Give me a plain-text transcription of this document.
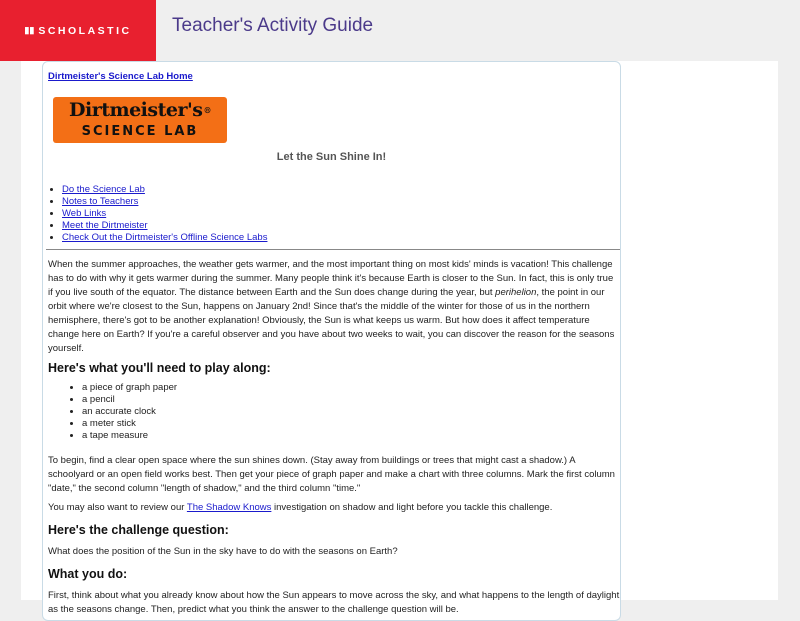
▮▮ SCHOLASTIC Teacher's Activity Guide
Dirtmeister's Science Lab Home
Dirtmeister's®
SCIENCE LAB
Let the Sun Shine In!
• Do the Science Lab
• Notes to Teachers
• Web Links
• Meet the Dirtmeister
• Check Out the Dirtmeister's Offline Science Labs

When the summer approaches, the weather gets warmer, and the most important thing on most kids' minds is vacation! This challenge has to do with why it gets warmer during the summer. Many people think it's because Earth is closer to the Sun. In fact, this is only true if you live south of the equator. The distance between Earth and the Sun does change during the year, but perihelion, the point in our orbit where we're closest to the Sun, happens on January 2nd! Since that's the middle of the winter for those of us in the northern hemisphere, there's got to be another explanation! Obviously, the Sun is what keeps us warm. But how does it affect temperature change here on Earth? If you're a careful observer and you have about two weeks to wait, you can discover the reason for the seasons yourself.

Here's what you'll need to play along:
• a piece of graph paper
• a pencil
• an accurate clock
• a meter stick
• a tape measure

To begin, find a clear open space where the sun shines down. (Stay away from buildings or trees that might cast a shadow.) A schoolyard or an open field works best. Then get your piece of graph paper and make a chart with three columns. Mark the first column "date," the second column "length of shadow," and the third column "time."

You may also want to review our The Shadow Knows investigation on shadow and light before you tackle this challenge.

Here's the challenge question:

What does the position of the Sun in the sky have to do with the seasons on Earth?

What you do:

First, think about what you already know about how the Sun appears to move across the sky, and what happens to the length of daylight as the seasons change. Then, predict what you think the answer to the challenge question will be.
